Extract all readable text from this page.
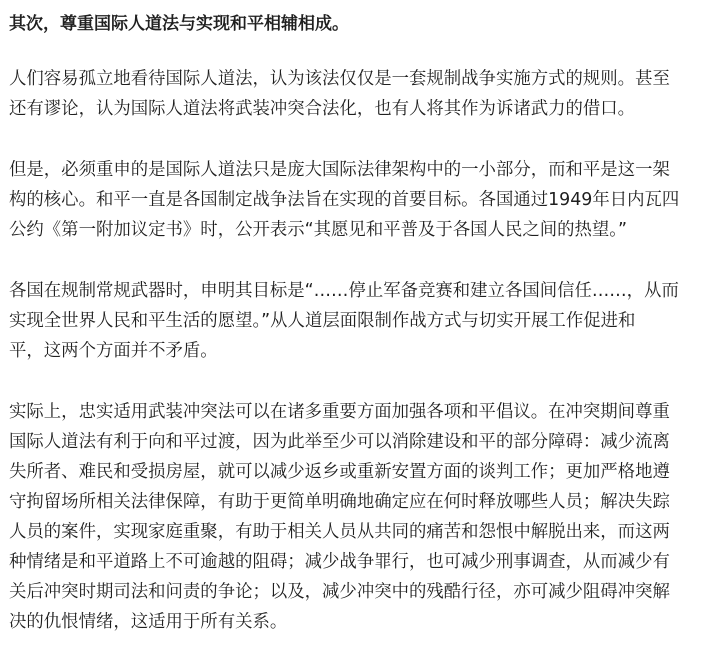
其次，尊重国际人道法与实现和平相辅相成。

人们容易孤立地看待国际人道法，认为该法仅仅是一套规制战争实施方式的规则。甚至
还有谬论，认为国际人道法将武装冲突合法化，也有人将其作为诉诸武力的借口。

但是，必须重申的是国际人道法只是庞大国际法律架构中的一小部分，而和平是这一架
构的核心。和平一直是各国制定战争法旨在实现的首要目标。各国通过1949年日内瓦四
公约《第一附加议定书》时，公开表示“其愿见和平普及于各国人民之间的热望。”

各国在规制常规武器时，申明其目标是“……停止军备竞赛和建立各国间信任……，从而
实现全世界人民和平生活的愿望。”从人道层面限制作战方式与切实开展工作促进和
平，这两个方面并不矛盾。

实际上，忠实适用武装冲突法可以在诸多重要方面加强各项和平倡议。在冲突期间尊重
国际人道法有利于向和平过渡，因为此举至少可以消除建设和平的部分障碍：减少流离
失所者、难民和受损房屋，就可以减少返乡或重新安置方面的谈判工作；更加严格地遵
守拘留场所相关法律保障，有助于更简单明确地确定应在何时释放哪些人员；解决失踪
人员的案件，实现家庭重聚，有助于相关人员从共同的痛苦和怨恨中解脱出来，而这两
种情绪是和平道路上不可逾越的阻碍；减少战争罪行，也可减少刑事调查，从而减少有
关后冲突时期司法和问责的争论；以及，减少冲突中的残酷行径，亦可减少阻碍冲突解
决的仇恨情绪，这适用于所有关系。
